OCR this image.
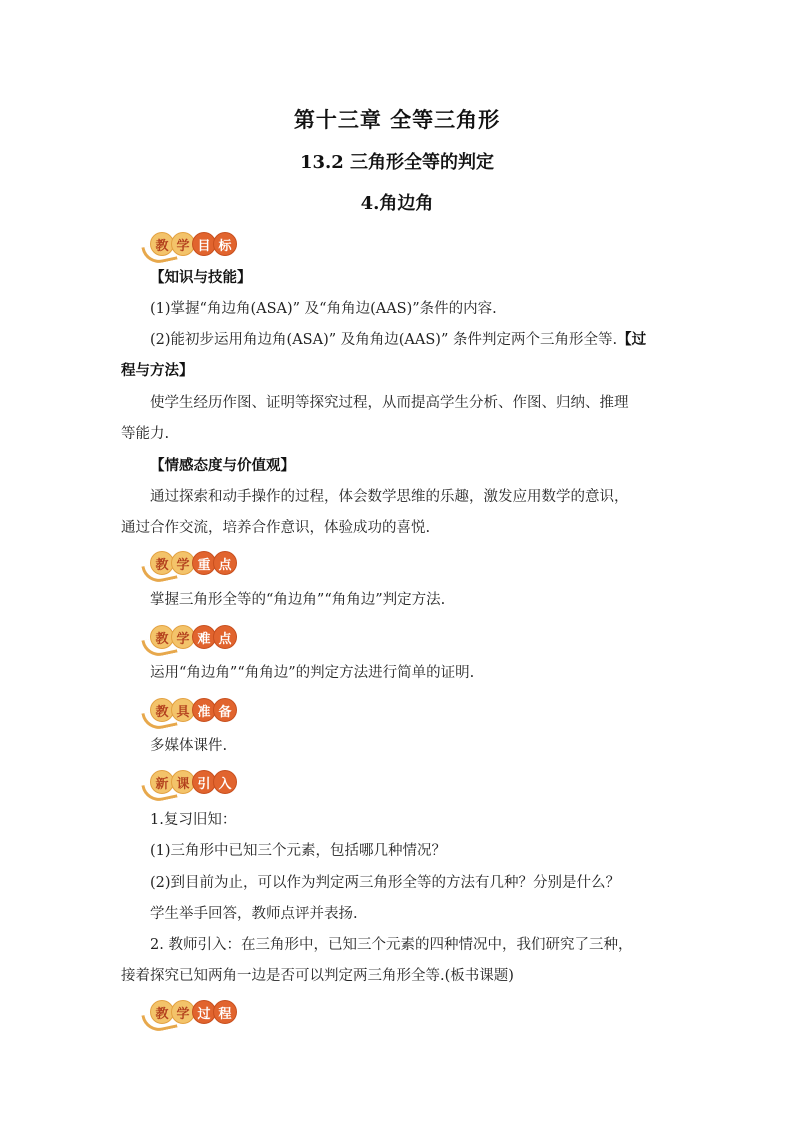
第十三章 全等三角形
13.2 三角形全等的判定
4.角边角
教 学 目 标
【知识与技能】
(1)掌握“角边角(ASA)” 及“角角边(AAS)”条件的内容.
(2)能初步运用角边角(ASA)” 及角角边(AAS)” 条件判定两个三角形全等.【过
程与方法】
使学生经历作图、证明等探究过程，从而提高学生分析、作图、归纳、推理
等能力.
【情感态度与价值观】
通过探索和动手操作的过程，体会数学思维的乐趣，激发应用数学的意识，
通过合作交流，培养合作意识，体验成功的喜悦.
教 学 重 点
掌握三角形全等的“角边角”“角角边”判定方法.
教 学 难 点
运用“角边角”“角角边”的判定方法进行简单的证明.
教 具 准 备
多媒体课件.
新 课 引 入
1.复习旧知：
(1)三角形中已知三个元素，包括哪几种情况？
(2)到目前为止，可以作为判定两三角形全等的方法有几种？分别是什么？
学生举手回答，教师点评并表扬.
2. 教师引入：在三角形中，已知三个元素的四种情况中，我们研究了三种，
接着探究已知两角一边是否可以判定两三角形全等.(板书课题)
教 学 过 程
